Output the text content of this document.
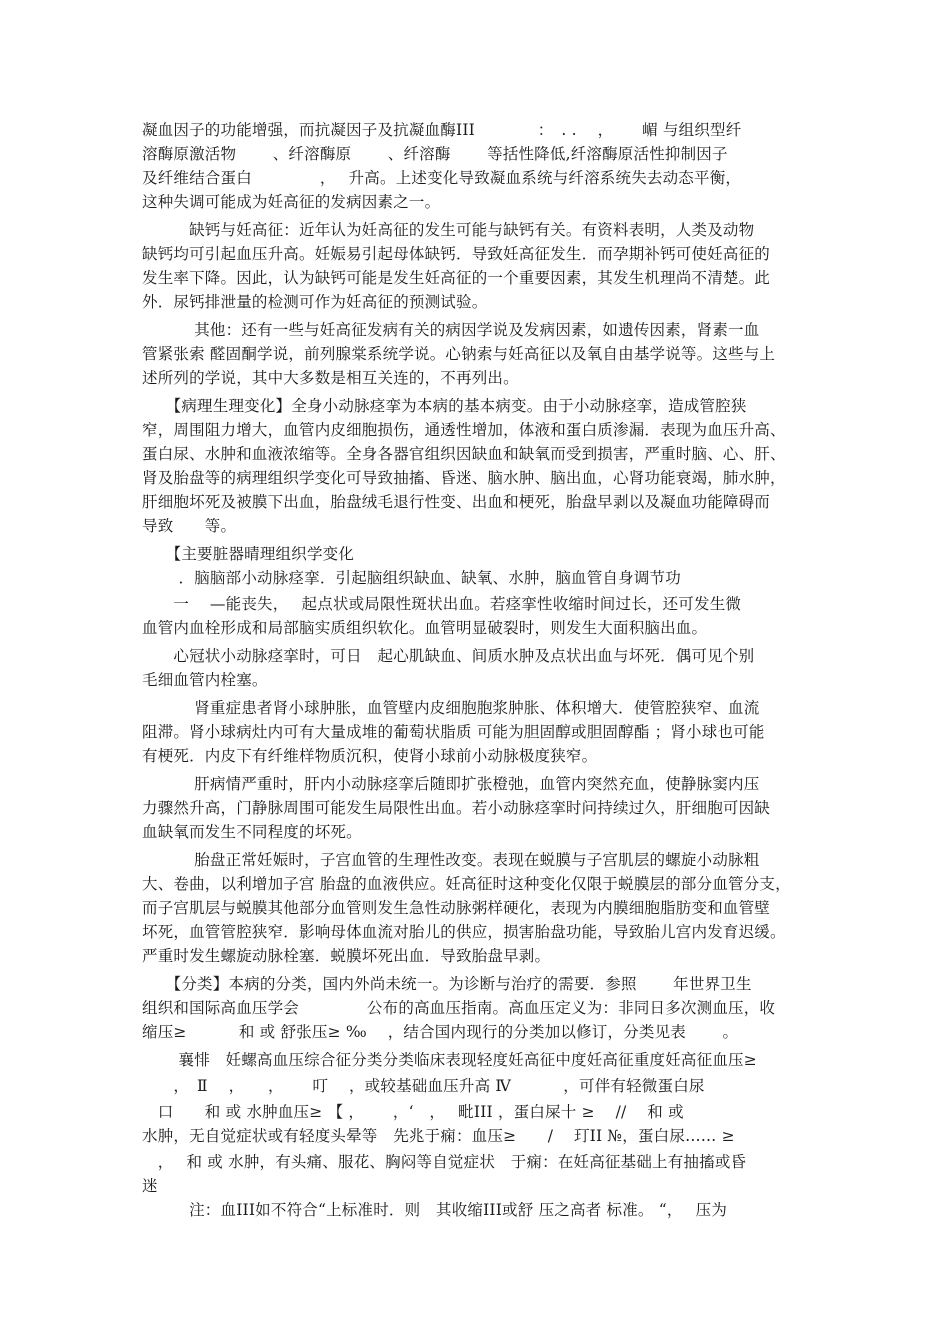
凝血因子的功能增强，而抗凝因子及抗凝血酶III　　　　：　. .　 ，　　 嵋 与组织型纤
溶酶原激活物　　 、纤溶酶原　　 、纤溶酶　　 等括性降低,纤溶酶原活性抑制因子
及纤维结合蛋白　　　　 ，　 升高。上述变化导致凝血系统与纤溶系统失去动态平衡，
这种失调可能成为妊高征的发病因素之一。
　　　缺钙与妊高征：近年认为妊高征的发生可能与缺钙有关。有资料表明，人类及动物
缺钙均可引起血压升高。妊娠易引起母体缺钙．导致妊高征发生．而孕期补钙可使妊高征的
发生率下降。因此，认为缺钙可能是发生妊高征的一个重要因素，其发生机理尚不清楚。此
外．尿钙排泄量的检测可作为妊高征的预测试验。
　　　 其他：还有一些与妊高征发病有关的病因学说及发病因素，如遗传因素，肾素一血
管紧张索 醛固酮学说，前列腺棠系统学说。心钠索与妊高征以及氧自由基学说等。这些与上
述所列的学说，其中大多数是相互关连的，不再列出。
　　【病理生理变化】全身小动脉痉挛为本病的基本病变。由于小动脉痉挛，造成管腔狭
窄，周围阻力增大，血管内皮细胞损伤，通透性增加，体液和蛋白质渗漏．表现为血压升高、
蛋白尿、水肿和血液浓缩等。全身各器官组织因缺血和缺氧而受到损害，严重时脑、心、肝、
肾及胎盘等的病理组织学变化可导致抽搐、昏迷、脑水肿、脑出血，心肾功能衰竭，肺水肿，
肝细胞坏死及被膜下出血，胎盘绒毛退行性变、出血和梗死，胎盘早剥以及凝血功能障碍而
导致　　等。
　　【主要脏器晴理组织学变化
　　 ．脑脑部小动脉痉挛．引起脑组织缺血、缺氧、水肿，脑血管自身调节功
　　一　 —能丧失，　 起点状或局限性斑状出血。若痉挛性收缩时间过长，还可发生微
血管内血栓形成和局部脑实质组织软化。血管明显破裂时，则发生大面积脑出血。
　　心冠状小动脉痉挛时，可日　起心肌缺血、间质水肿及点状出血与坏死．偶可见个别
毛细血管内栓塞。
　　　 肾重症患者肾小球肿胀，血管壁内皮细胞胞浆肿胀、体积增大．使管腔狭窄、血流
阻滞。肾小球病灶内可有大量成堆的葡萄状脂质 可能为胆固醇或胆固醇酯 ；肾小球也可能
有梗死．内皮下有纤维样物质沉积，使肾小球前小动脉极度狭窄。
　　　 肝病情严重时，肝内小动脉痉挛后随即扩张橙弛，血管内突然充血，使静脉窦内压
力骤然升高，门静脉周围可能发生局限性出血。若小动脉痉挛时问持续过久，肝细胞可因缺
血缺氧而发生不同程度的坏死。
　　　 胎盘正常妊娠时，子宫血管的生理性改变。表现在蜕膜与子宫肌层的螺旋小动脉粗
大、卷曲，以利增加子宫 胎盘的血液供应。妊高征时这种变化仅限于蜕膜层的部分血管分支，
而子宫肌层与蜕膜其他部分血管则发生急性动脉粥样硬化，表现为内膜细胞脂肪变和血管壁
坏死，血管管腔狭窄．影响母体血流对胎儿的供应，损害胎盘功能，导致胎儿宫内发育迟缓。
严重时发生螺旋动脉栓塞．蜕膜坏死出血．导致胎盘早剥。
　　【分类】本病的分类，国内外尚未统一。为诊断与治疗的需要．参照　　 年世界卫生
组织和国际高血压学会　　　　 公布的高血压指南。高血压定义为：非同日多次测血压，收
缩压≥　　　 和 或 舒张压≥ ‰　 ，结合国内现行的分类加以修订，分类见表　　 。
　　 襄悱　妊螺高血压综合征分类分类临床表现轻度妊高征中度妊高征重度妊高征血压≥
　　，　Ⅱ　 ，　　，　　 叮　 ，或较基础血压升高 Ⅳ　　　 ，可伴有轻微蛋白尿
　口　　和 或 水肿血压≥ 【 ，　　 ，‘　，　 毗III ，蛋白屎十 ≥　 //　 和 或
水肿，无自觉症状或有轻度头晕等　先兆于痫：血压≥　　/　 玎II №，蛋白尿…… ≥
　，　 和 或 水肿，有头痛、服花、胸闷等自觉症状　于痫：在妊高征基础上有抽搐或昏
迷
　　　注：血III如不符合“上标准时．则　其收缩III或舒 压之高者 标准。 “，　 压为
